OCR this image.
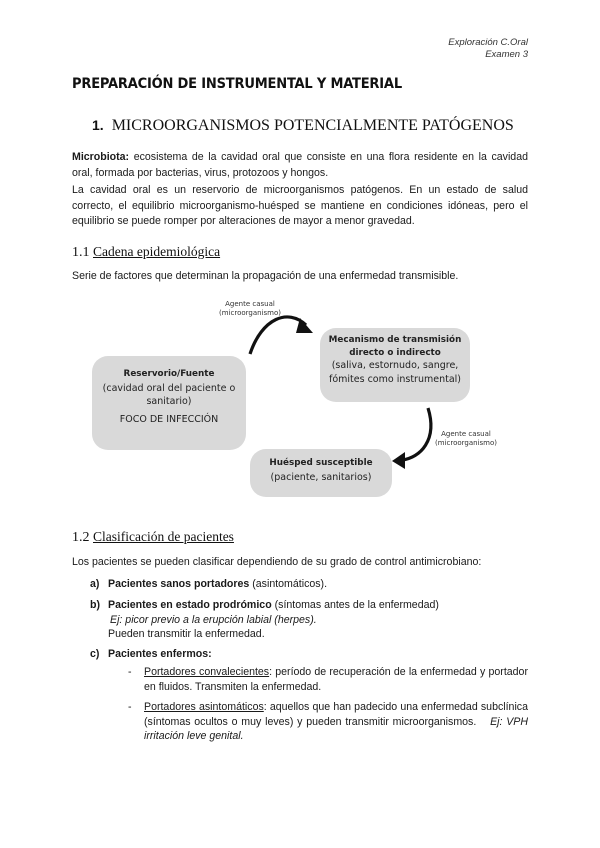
Exploración C.Oral
Examen 3
PREPARACIÓN DE INSTRUMENTAL Y MATERIAL
1. MICROORGANISMOS POTENCIALMENTE PATÓGENOS
Microbiota: ecosistema de la cavidad oral que consiste en una flora residente en la cavidad oral, formada por bacterias, virus, protozoos y hongos.
La cavidad oral es un reservorio de microorganismos patógenos. En un estado de salud correcto, el equilibrio microorganismo-huésped se mantiene en condiciones idóneas, pero el equilibrio se puede romper por alteraciones de mayor a menor gravedad.
1.1 Cadena epidemiológica
Serie de factores que determinan la propagación de una enfermedad transmisible.
Agente casual
(microorganismo)
Agente casual
(microorganismo)
Reservorio/Fuente
(cavidad oral del paciente o sanitario)
FOCO DE INFECCIÓN
Mecanismo de transmisión directo o indirecto
(saliva, estornudo, sangre, fómites como instrumental)
Huésped susceptible
(paciente, sanitarios)
1.2 Clasificación de pacientes
Los pacientes se pueden clasificar dependiendo de su grado de control antimicrobiano:
a) Pacientes sanos portadores (asintomáticos).
b) Pacientes en estado prodrómico (síntomas antes de la enfermedad)
Ej: picor previo a la erupción labial (herpes).
Pueden transmitir la enfermedad.
c) Pacientes enfermos:
- Portadores convalecientes: período de recuperación de la enfermedad y portador en fluidos. Transmiten la enfermedad.
- Portadores asintomáticos: aquellos que han padecido una enfermedad subclínica (síntomas ocultos o muy leves) y pueden transmitir microorganismos. Ej: VPH irritación leve genital.
